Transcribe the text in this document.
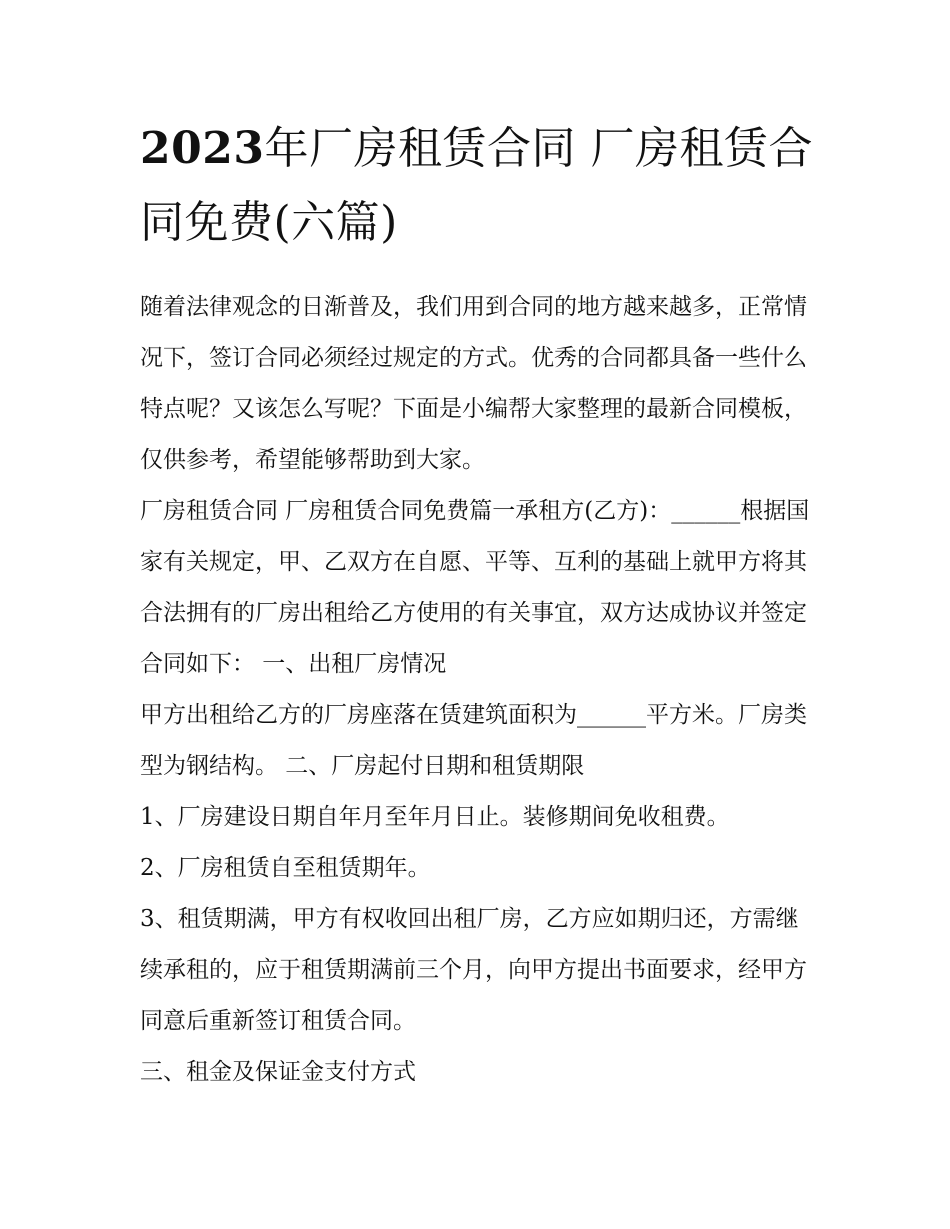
2023年厂房租赁合同 厂房租赁合同免费(六篇)

随着法律观念的日渐普及，我们用到合同的地方越来越多，正常情况下，签订合同必须经过规定的方式。优秀的合同都具备一些什么特点呢？又该怎么写呢？下面是小编帮大家整理的最新合同模板，仅供参考，希望能够帮助到大家。

厂房租赁合同 厂房租赁合同免费篇一承租方(乙方)：______根据国家有关规定，甲、乙双方在自愿、平等、互利的基础上就甲方将其合法拥有的厂房出租给乙方使用的有关事宜，双方达成协议并签定合同如下： 一、出租厂房情况

甲方出租给乙方的厂房座落在赁建筑面积为______平方米。厂房类型为钢结构。 二、厂房起付日期和租赁期限

1、厂房建设日期自年月至年月日止。装修期间免收租费。

2、厂房租赁自至租赁期年。

3、租赁期满，甲方有权收回出租厂房，乙方应如期归还，方需继续承租的，应于租赁期满前三个月，向甲方提出书面要求，经甲方同意后重新签订租赁合同。

三、租金及保证金支付方式
